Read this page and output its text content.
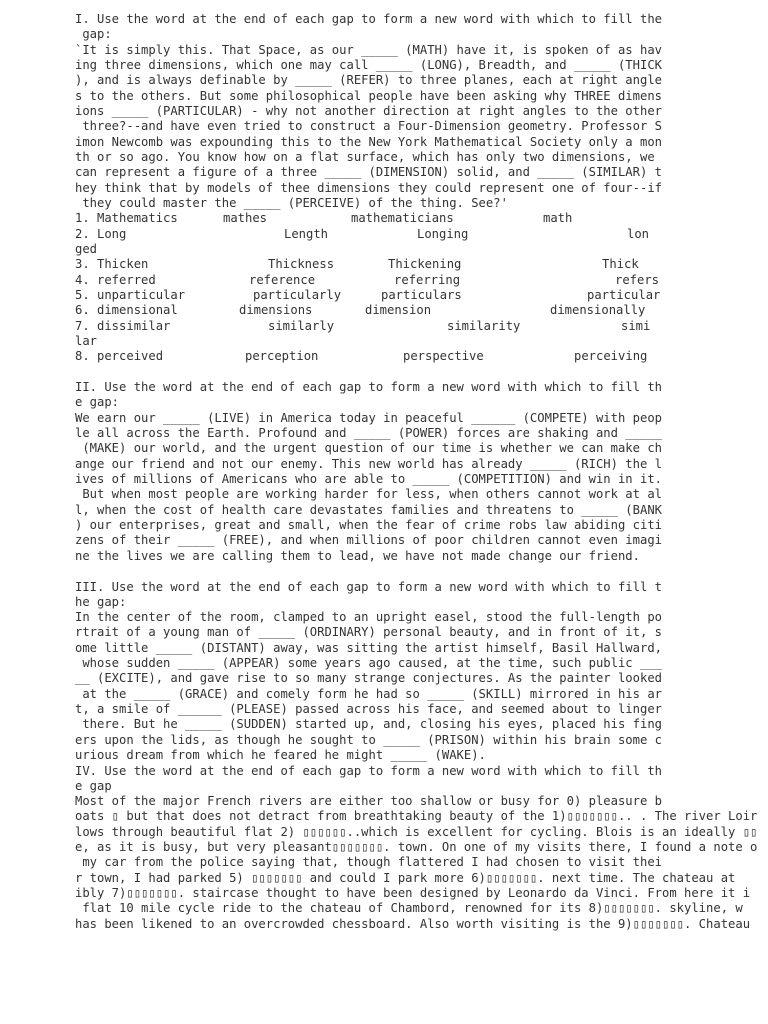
I. Use the word at the end of each gap to form a new word with which to fill the
gap:
`It is simply this. That Space, as our _____ (MATH) have it, is spoken of as hav
ing three dimensions, which one may call _____ (LONG), Breadth, and _____ (THICK
), and is always definable by _____ (REFER) to three planes, each at right angle
s to the others. But some philosophical people have been asking why THREE dimens
ions _____ (PARTICULAR) - why not another direction at right angles to the other
three?--and have even tried to construct a Four-Dimension geometry. Professor S
imon Newcomb was expounding this to the New York Mathematical Society only a mon
th or so ago. You know how on a flat surface, which has only two dimensions, we
can represent a figure of a three _____ (DIMENSION) solid, and _____ (SIMILAR) t
hey think that by models of thee dimensions they could represent one of four--if
they could master the _____ (PERCEIVE) of the thing. See?'
1. Mathematics	mathes	mathematicians	math
2. Long	Length	Longing	lon
ged
3. Thicken	Thickness	Thickening	Thick
4. referred	reference	referring	refers
5. unparticular	particularly	particulars	particular
6. dimensional	dimensions	dimension	dimensionally
7. dissimilar	similarly	similarity	simi
lar
8. perceived	perception	perspective	perceiving
II. Use the word at the end of each gap to form a new word with which to fill th
e gap:
We earn our _____ (LIVE) in America today in peaceful ______ (COMPETE) with peop
le all across the Earth. Profound and _____ (POWER) forces are shaking and _____
(MAKE) our world, and the urgent question of our time is whether we can make ch
ange our friend and not our enemy. This new world has already _____ (RICH) the l
ives of millions of Americans who are able to _____ (COMPETITION) and win in it.
But when most people are working harder for less, when others cannot work at al
l, when the cost of health care devastates families and threatens to _____ (BANK
) our enterprises, great and small, when the fear of crime robs law abiding citi
zens of their _____ (FREE), and when millions of poor children cannot even imagi
ne the lives we are calling them to lead, we have not made change our friend.
III. Use the word at the end of each gap to form a new word with which to fill t
he gap:
In the center of the room, clamped to an upright easel, stood the full-length po
rtrait of a young man of _____ (ORDINARY) personal beauty, and in front of it, s
ome little _____ (DISTANT) away, was sitting the artist himself, Basil Hallward,
whose sudden _____ (APPEAR) some years ago caused, at the time, such public ___
__ (EXCITE), and gave rise to so many strange conjectures. As the painter looked
at the _____ (GRACE) and comely form he had so _____ (SKILL) mirrored in his ar
t, a smile of ______ (PLEASE) passed across his face, and seemed about to linger
there. But he _____ (SUDDEN) started up, and, closing his eyes, placed his fing
ers upon the lids, as though he sought to _____ (PRISON) within his brain some c
urious dream from which he feared he might _____ (WAKE).
IV. Use the word at the end of each gap to form a new word with which to fill th
e gap
Most of the major French rivers are either too shallow or busy for 0) pleasure b
oats ▯ but that does not detract from breathtaking beauty of the 1)▯▯▯▯▯▯▯.. . The river Loir
lows through beautiful flat 2) ▯▯▯▯▯▯..which is excellent for cycling. Blois is an ideally ▯▯
e, as it is busy, but very pleasant▯▯▯▯▯▯▯. town. On one of my visits there, I found a note o
my car from the police saying that, though flattered I had chosen to visit thei
r town, I had parked 5) ▯▯▯▯▯▯▯ and could I park more 6)▯▯▯▯▯▯▯. next time. The chateau at
ibly 7)▯▯▯▯▯▯▯. staircase thought to have been designed by Leonardo da Vinci. From here it i
flat 10 mile cycle ride to the chateau of Chambord, renowned for its 8)▯▯▯▯▯▯▯. skyline, w
has been likened to an overcrowded chessboard. Also worth visiting is the 9)▯▯▯▯▯▯▯. Chateau
